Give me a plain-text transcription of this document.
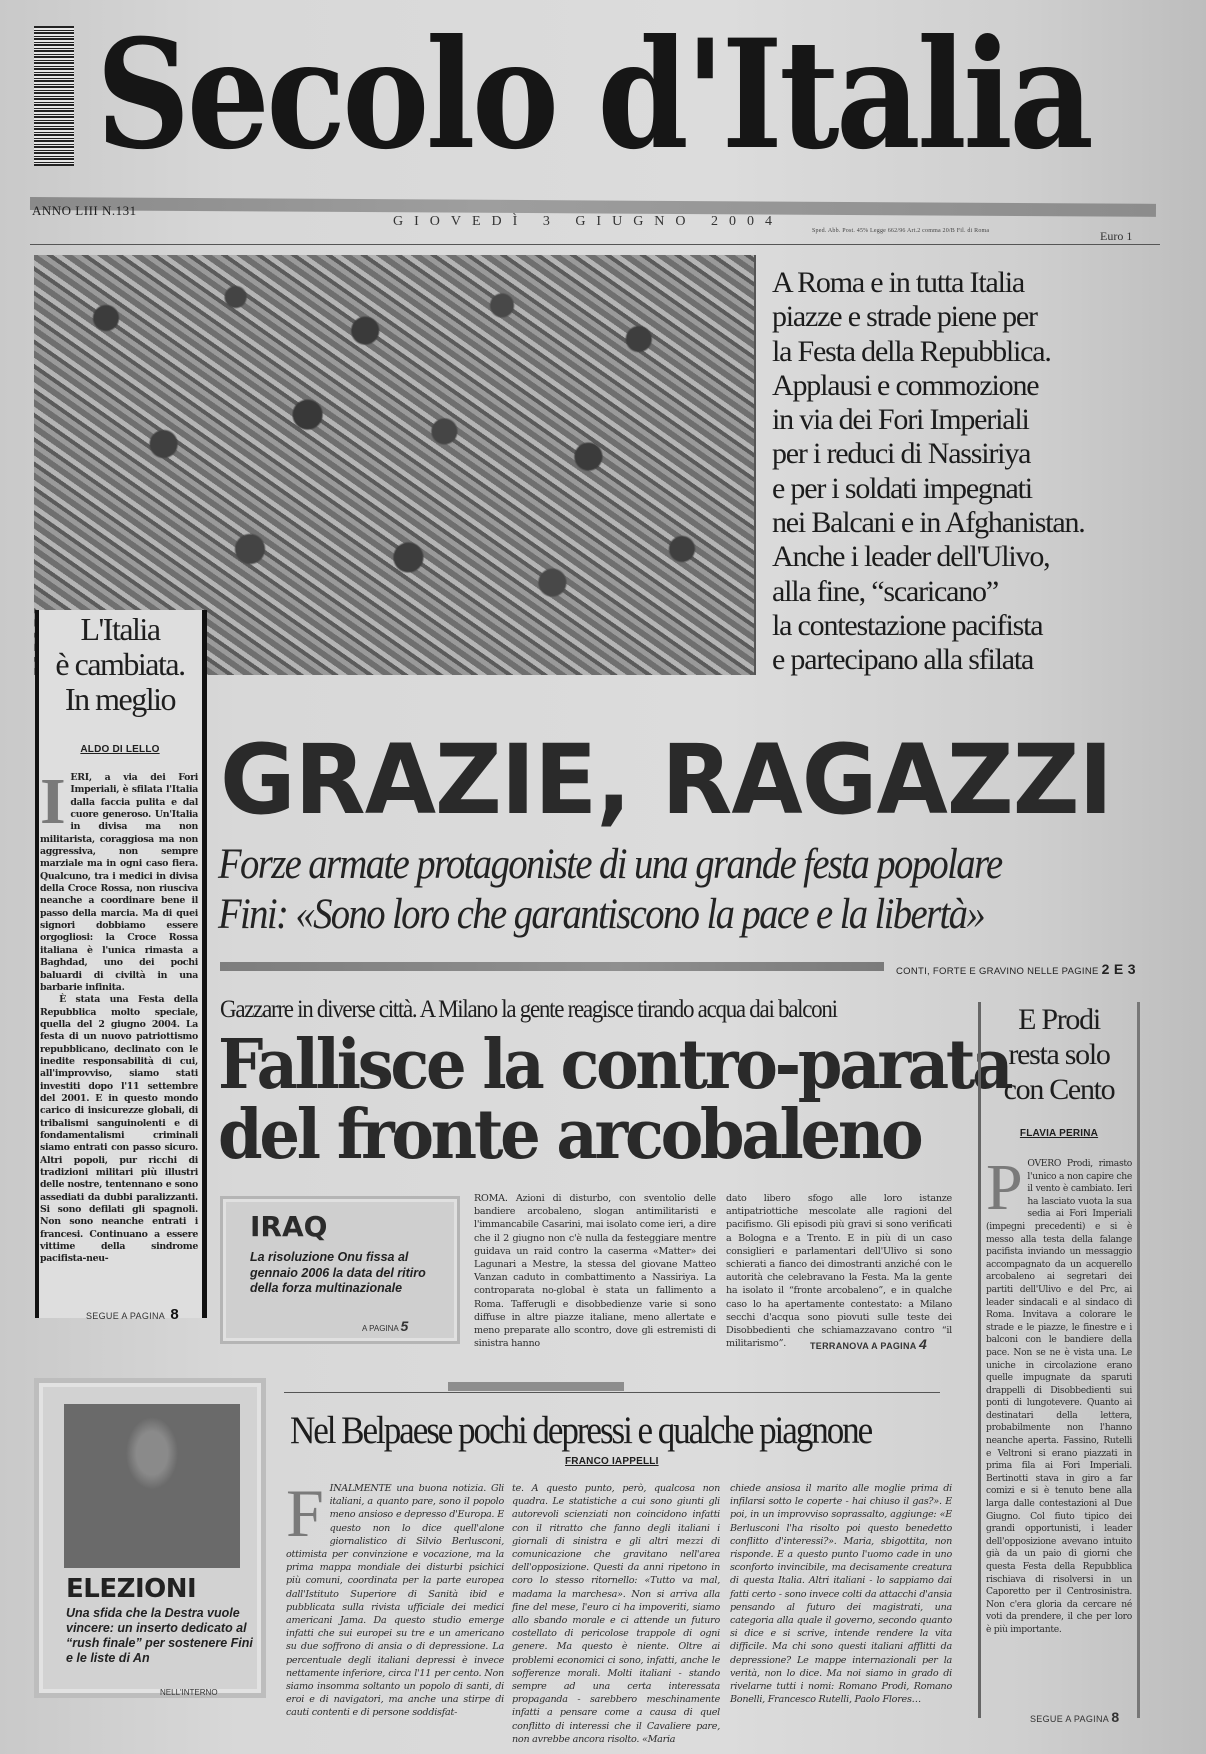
Secolo d'Italia
ANNO LIII N.131
GIOVEDÌ 3 GIUGNO 2004
Sped. Abb. Post. 45% Legge 662/96 Art.2 comma 20/B Fil. di Roma	Euro 1
A Roma e in tutta Italia
piazze e strade piene per
la Festa della Repubblica.
Applausi e commozione
in via dei Fori Imperiali
per i reduci di Nassiriya
e per i soldati impegnati
nei Balcani e in Afghanistan.
Anche i leader dell'Ulivo,
alla fine, “scaricano”
la contestazione pacifista
e partecipano alla sfilata
L'Italia
è cambiata.
In meglio
ALDO DI LELLO
I ERI, a via dei Fori Imperiali, è sfilata l'Italia dalla faccia pulita e dal cuore generoso. Un'Italia in divisa ma non militarista, coraggiosa ma non aggressiva, non sempre marziale ma in ogni caso fiera. Qualcuno, tra i medici in divisa della Croce Rossa, non riusciva neanche a coordinare bene il passo della marcia. Ma di quei signori dobbiamo essere orgogliosi: la Croce Rossa italiana è l'unica rimasta a Baghdad, uno dei pochi baluardi di civiltà in una barbarie infinita.
È stata una Festa della Repubblica molto speciale, quella del 2 giugno 2004. La festa di un nuovo patriottismo repubblicano, declinato con le inedite responsabilità di cui, all'improvviso, siamo stati investiti dopo l'11 settembre del 2001. E in questo mondo carico di insicurezze globali, di tribalismi sanguinolenti e di fondamentalismi criminali siamo entrati con passo sicuro. Altri popoli, pur ricchi di tradizioni militari più illustri delle nostre, tentennano e sono assediati da dubbi paralizzanti. Si sono defilati gli spagnoli. Non sono neanche entrati i francesi. Continuano a essere vittime della sindrome pacifista-neu-
SEGUE A PAGINA 8
GRAZIE, RAGAZZI
Forze armate protagoniste di una grande festa popolare
Fini: «Sono loro che garantiscono la pace e la libertà»
CONTI, FORTE E GRAVINO NELLE PAGINE 2 E 3
Gazzarre in diverse città. A Milano la gente reagisce tirando acqua dai balconi
Fallisce la contro-parata
del fronte arcobaleno
IRAQ
La risoluzione Onu fissa al gennaio 2006 la data del ritiro della forza multinazionale
A PAGINA 5
ROMA. Azioni di disturbo, con sventolio delle bandiere arcobaleno, slogan antimilitaristi e l'immancabile Casarini, mai isolato come ieri, a dire che il 2 giugno non c'è nulla da festeggiare mentre guidava un raid contro la caserma «Matter» dei Lagunari a Mestre, la stessa del giovane Matteo Vanzan caduto in combattimento a Nassiriya. La controparata no-global è stata un fallimento a Roma. Tafferugli e disobbedienze varie si sono diffuse in altre piazze italiane, meno allertate e meno preparate allo scontro, dove gli estremisti di sinistra hanno
dato libero sfogo alle loro istanze antipatriottiche mescolate alle ragioni del pacifismo. Gli episodi più gravi si sono verificati a Bologna e a Trento. E in più di un caso consiglieri e parlamentari dell'Ulivo si sono schierati a fianco dei dimostranti anziché con le autorità che celebravano la Festa. Ma la gente ha isolato il “fronte arcobaleno”, e in qualche caso lo ha apertamente contestato: a Milano secchi d'acqua sono piovuti sulle teste dei Disobbedienti che schiamazzavano contro “il militarismo”.	TERRANOVA A PAGINA 4
E Prodi
resta solo
con Cento
FLAVIA PERINA
P OVERO Prodi, rimasto l'unico a non capire che il vento è cambiato. Ieri ha lasciato vuota la sua sedia ai Fori Imperiali (impegni precedenti) e si è messo alla testa della falange pacifista inviando un messaggio accompagnato da un acquerello arcobaleno ai segretari dei partiti dell'Ulivo e del Prc, ai leader sindacali e al sindaco di Roma. Invitava a colorare le strade e le piazze, le finestre e i balconi con le bandiere della pace. Non se ne è vista una. Le uniche in circolazione erano quelle impugnate da sparuti drappelli di Disobbedienti sui ponti di lungotevere. Quanto ai destinatari della lettera, probabilmente non l'hanno neanche aperta. Fassino, Rutelli e Veltroni si erano piazzati in prima fila ai Fori Imperiali. Bertinotti stava in giro a far comizi e si è tenuto bene alla larga dalle contestazioni al Due Giugno. Col fiuto tipico dei grandi opportunisti, i leader dell'opposizione avevano intuito già da un paio di giorni che questa Festa della Repubblica rischiava di risolversi in un Caporetto per il Centrosinistra. Non c'era gloria da cercare né voti da prendere, il che per loro è più importante.
SEGUE A PAGINA 8
ELEZIONI
Una sfida che la Destra vuole vincere: un inserto dedicato al “rush finale” per sostenere Fini e le liste di An
NELL'INTERNO
Nel Belpaese pochi depressi e qualche piagnone
FRANCO IAPPELLI
F INALMENTE una buona notizia. Gli italiani, a quanto pare, sono il popolo meno ansioso e depresso d'Europa. E questo non lo dice quell'alone giornalistico di Silvio Berlusconi, ottimista per convinzione e vocazione, ma la prima mappa mondiale dei disturbi psichici più comuni, coordinata per la parte europea dall'Istituto Superiore di Sanità ibid e pubblicata sulla rivista ufficiale dei medici americani Jama. Da questo studio emerge infatti che sui europei su tre e un americano su due soffrono di ansia o di depressione. La percentuale degli italiani depressi è invece nettamente inferiore, circa l'11 per cento. Non siamo insomma soltanto un popolo di santi, di eroi e di navigatori, ma anche una stirpe di cauti contenti e di persone soddisfat-
te. A questo punto, però, qualcosa non quadra. Le statistiche a cui sono giunti gli autorevoli scienziati non coincidono infatti con il ritratto che fanno degli italiani i giornali di sinistra e gli altri mezzi di comunicazione che gravitano nell'area dell'opposizione. Questi da anni ripetono in coro lo stesso ritornello: «Tutto va mal, madama la marchesa». Non si arriva alla fine del mese, l'euro ci ha impoveriti, siamo allo sbando morale e ci attende un futuro costellato di pericolose trappole di ogni genere. Ma questo è niente. Oltre ai problemi economici ci sono, infatti, anche le sofferenze morali. Molti italiani - stando sempre ad una certa interessata propaganda - sarebbero meschinamente infatti a pensare come a causa di quel conflitto di interessi che il Cavaliere pare, non avrebbe ancora risolto. «Maria
chiede ansiosa il marito alle moglie prima di infilarsi sotto le coperte - hai chiuso il gas?». E poi, in un improvviso soprassalto, aggiunge: «E Berlusconi l'ha risolto poi questo benedetto conflitto d'interessi?». Maria, sbigottita, non risponde. E a questo punto l'uomo cade in uno sconforto invincibile, ma decisamente creatura di questa Italia. Altri italiani - lo sappiamo dai fatti certo - sono invece colti da attacchi d'ansia pensando al futuro dei magistrati, una categoria alla quale il governo, secondo quanto si dice e si scrive, intende rendere la vita difficile. Ma chi sono questi italiani afflitti da depressione? Le mappe internazionali per la verità, non lo dice. Ma noi siamo in grado di rivelarne tutti i nomi: Romano Prodi, Romano Bonelli, Francesco Rutelli, Paolo Flores…
